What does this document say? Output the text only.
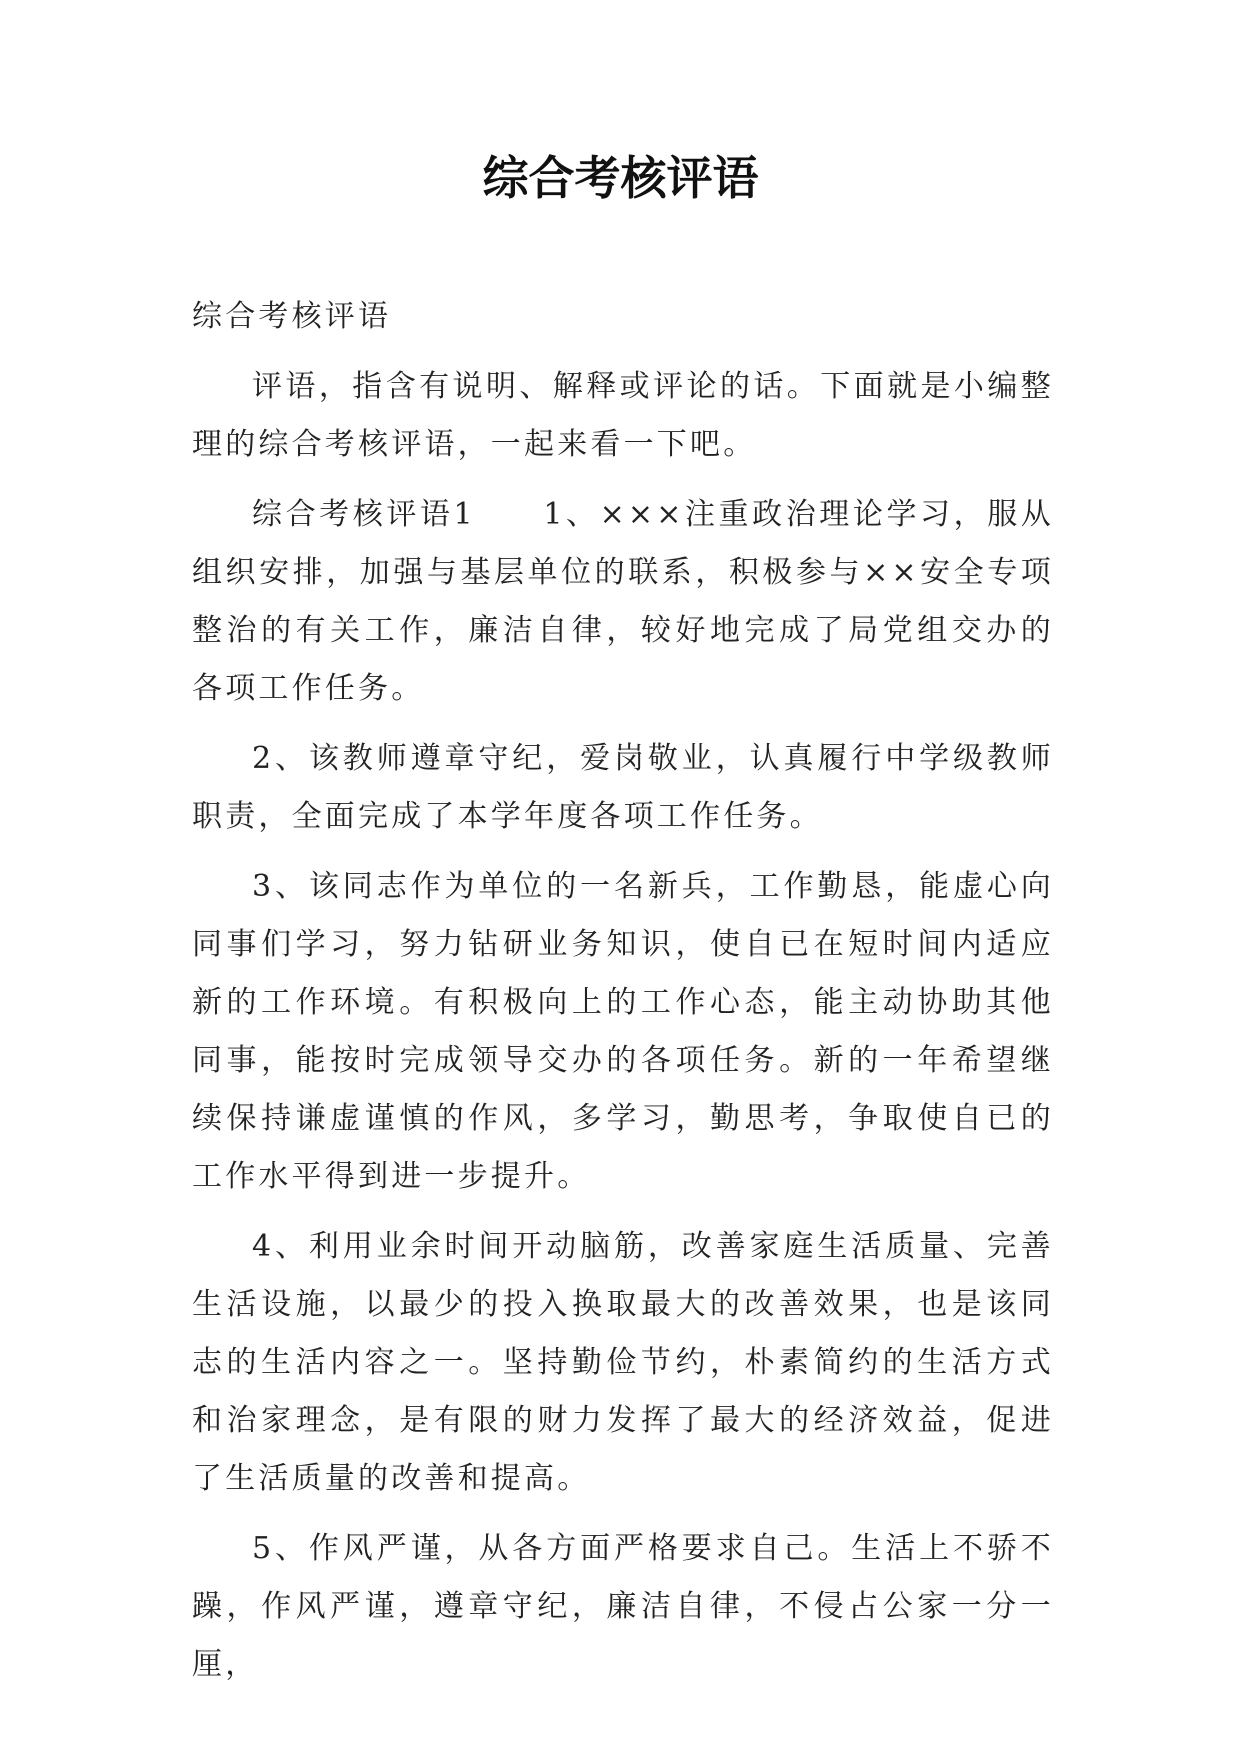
综合考核评语

综合考核评语

评语，指含有说明、解释或评论的话。下面就是小编整理的综合考核评语，一起来看一下吧。

综合考核评语1　　1、×××注重政治理论学习，服从组织安排，加强与基层单位的联系，积极参与××安全专项整治的有关工作，廉洁自律，较好地完成了局党组交办的各项工作任务。

2、该教师遵章守纪，爱岗敬业，认真履行中学级教师职责，全面完成了本学年度各项工作任务。

3、该同志作为单位的一名新兵，工作勤恳，能虚心向同事们学习，努力钻研业务知识，使自已在短时间内适应新的工作环境。有积极向上的工作心态，能主动协助其他同事，能按时完成领导交办的各项任务。新的一年希望继续保持谦虚谨慎的作风，多学习，勤思考，争取使自已的工作水平得到进一步提升。

4、利用业余时间开动脑筋，改善家庭生活质量、完善生活设施，以最少的投入换取最大的改善效果，也是该同志的生活内容之一。坚持勤俭节约，朴素简约的生活方式和治家理念，是有限的财力发挥了最大的经济效益，促进了生活质量的改善和提高。

5、作风严谨，从各方面严格要求自己。生活上不骄不躁，作风严谨，遵章守纪，廉洁自律，不侵占公家一分一厘，
